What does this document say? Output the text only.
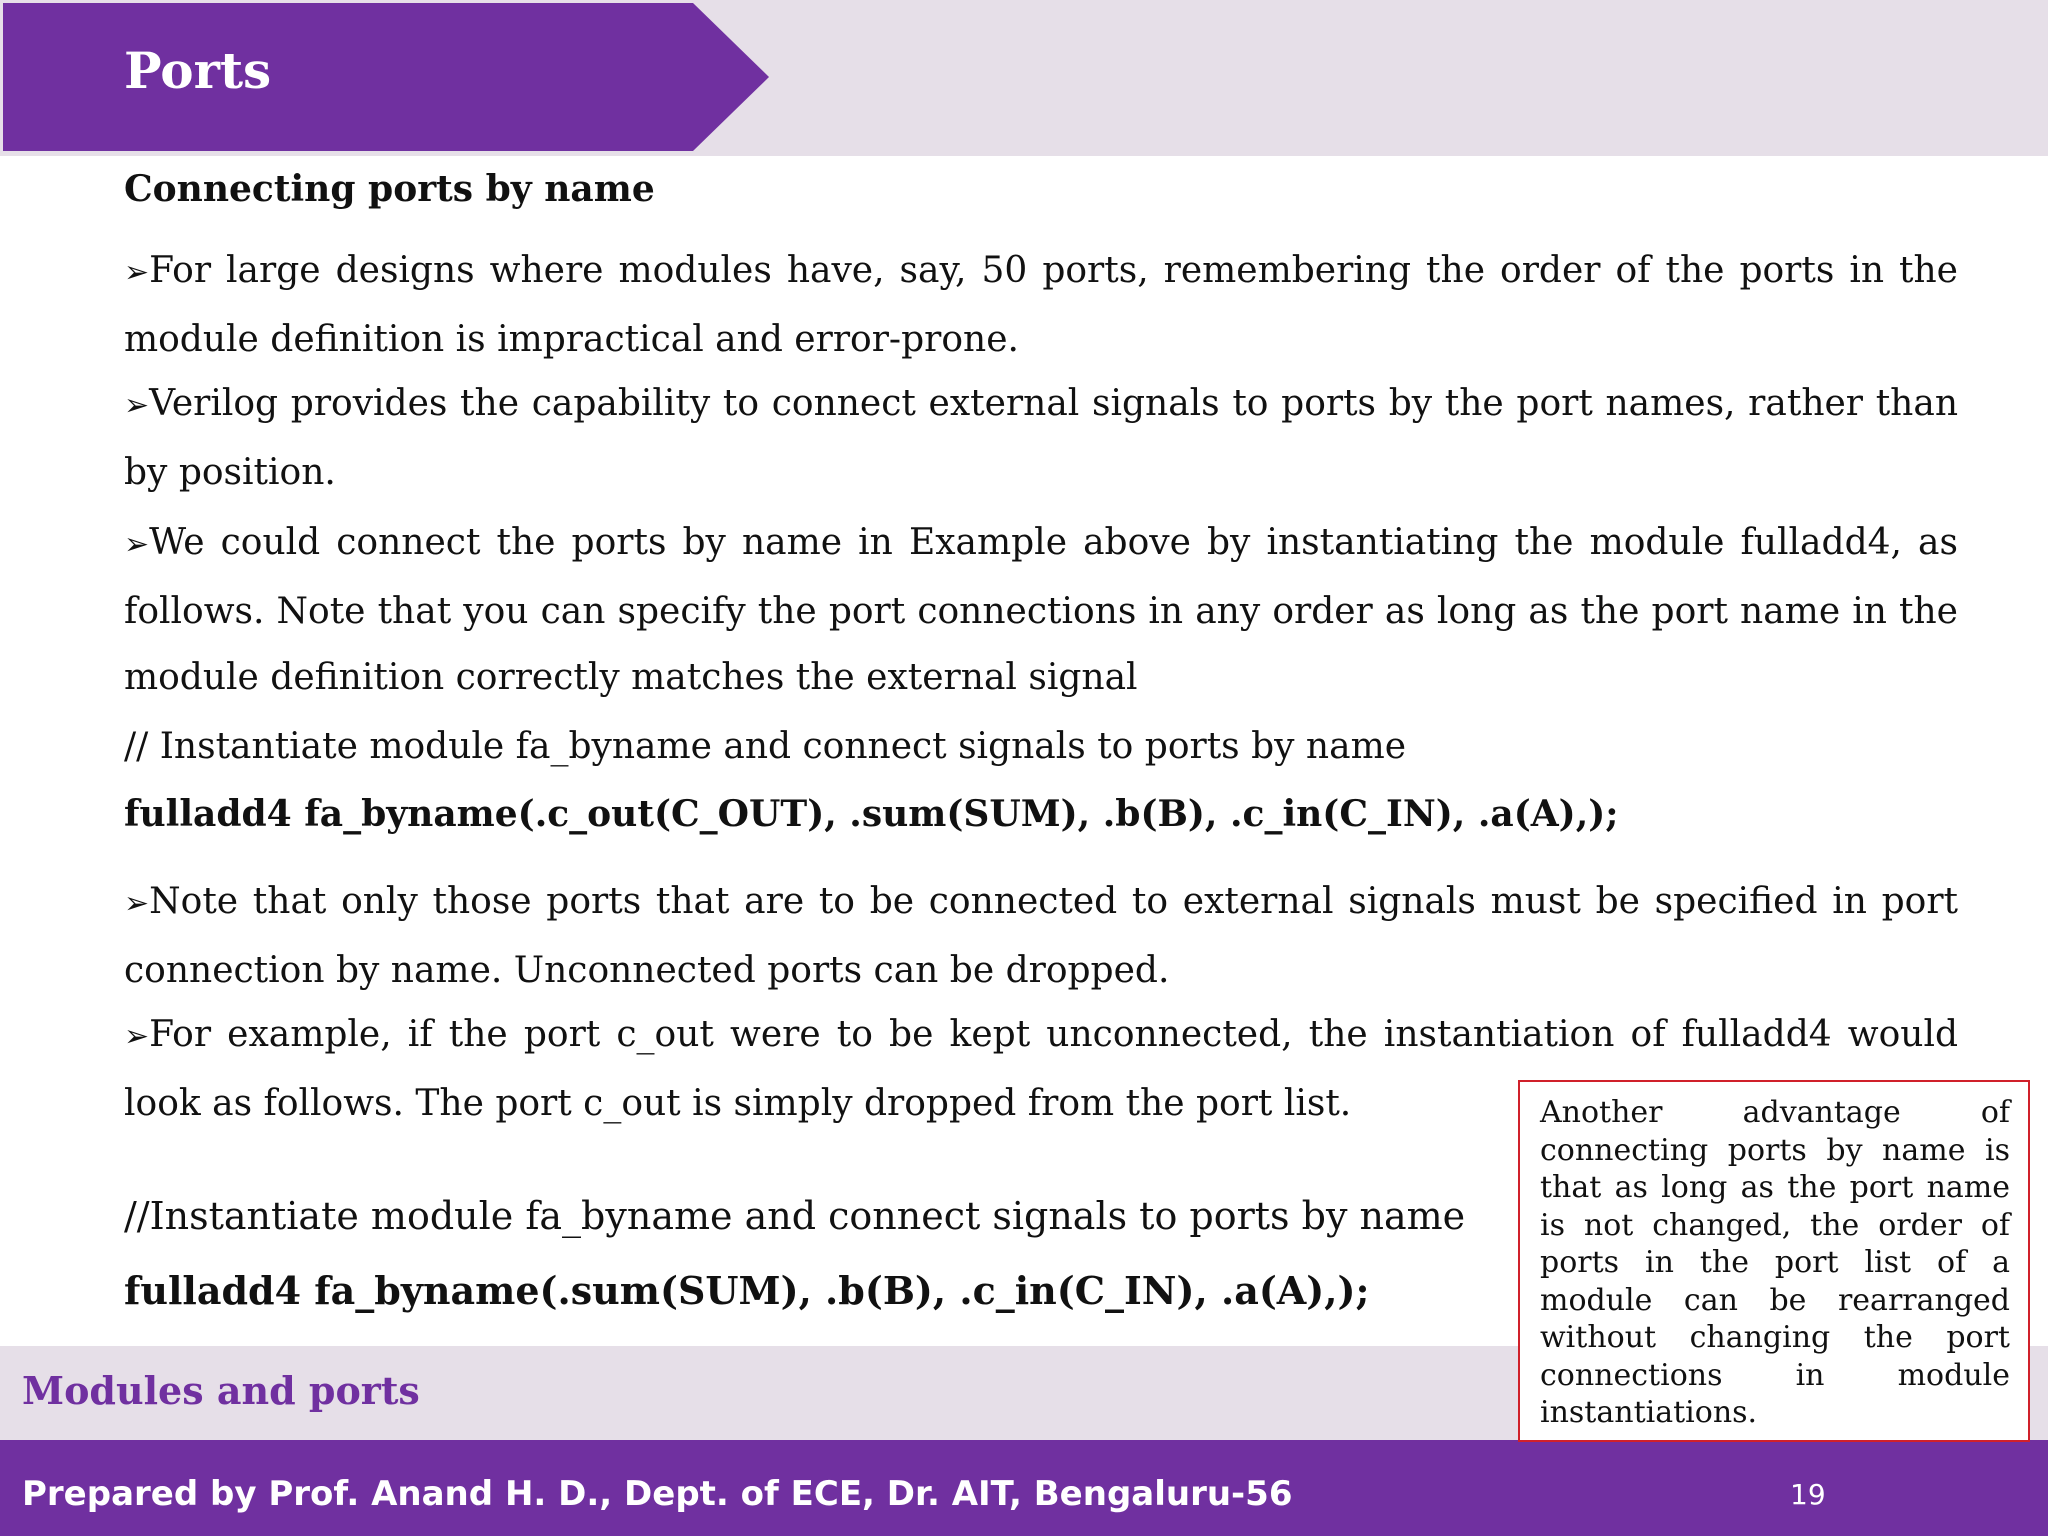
Ports
Connecting ports by name
➢For large designs where modules have, say, 50 ports, remembering the order of the ports in the module definition is impractical and error-prone.
➢Verilog provides the capability to connect external signals to ports by the port names, rather than by position.
➢We could connect the ports by name in Example above by instantiating the module fulladd4, as follows. Note that you can specify the port connections in any order as long as the port name in the module definition correctly matches the external signal
// Instantiate module fa_byname and connect signals to ports by name
fulladd4 fa_byname(.c_out(C_OUT), .sum(SUM), .b(B), .c_in(C_IN), .a(A),);
➢Note that only those ports that are to be connected to external signals must be specified in port connection by name. Unconnected ports can be dropped.
➢For example, if the port c_out were to be kept unconnected, the instantiation of fulladd4 would look as follows. The port c_out is simply dropped from the port list.
//Instantiate module fa_byname and connect signals to ports by name
fulladd4 fa_byname(.sum(SUM), .b(B), .c_in(C_IN), .a(A),);
Modules and ports

Another advantage of connecting ports by name is that as long as the port name is not changed, the order of ports in the port list of a module can be rearranged without changing the port connections in module instantiations.

Prepared by Prof. Anand H. D., Dept. of ECE, Dr. AIT, Bengaluru-56	19
